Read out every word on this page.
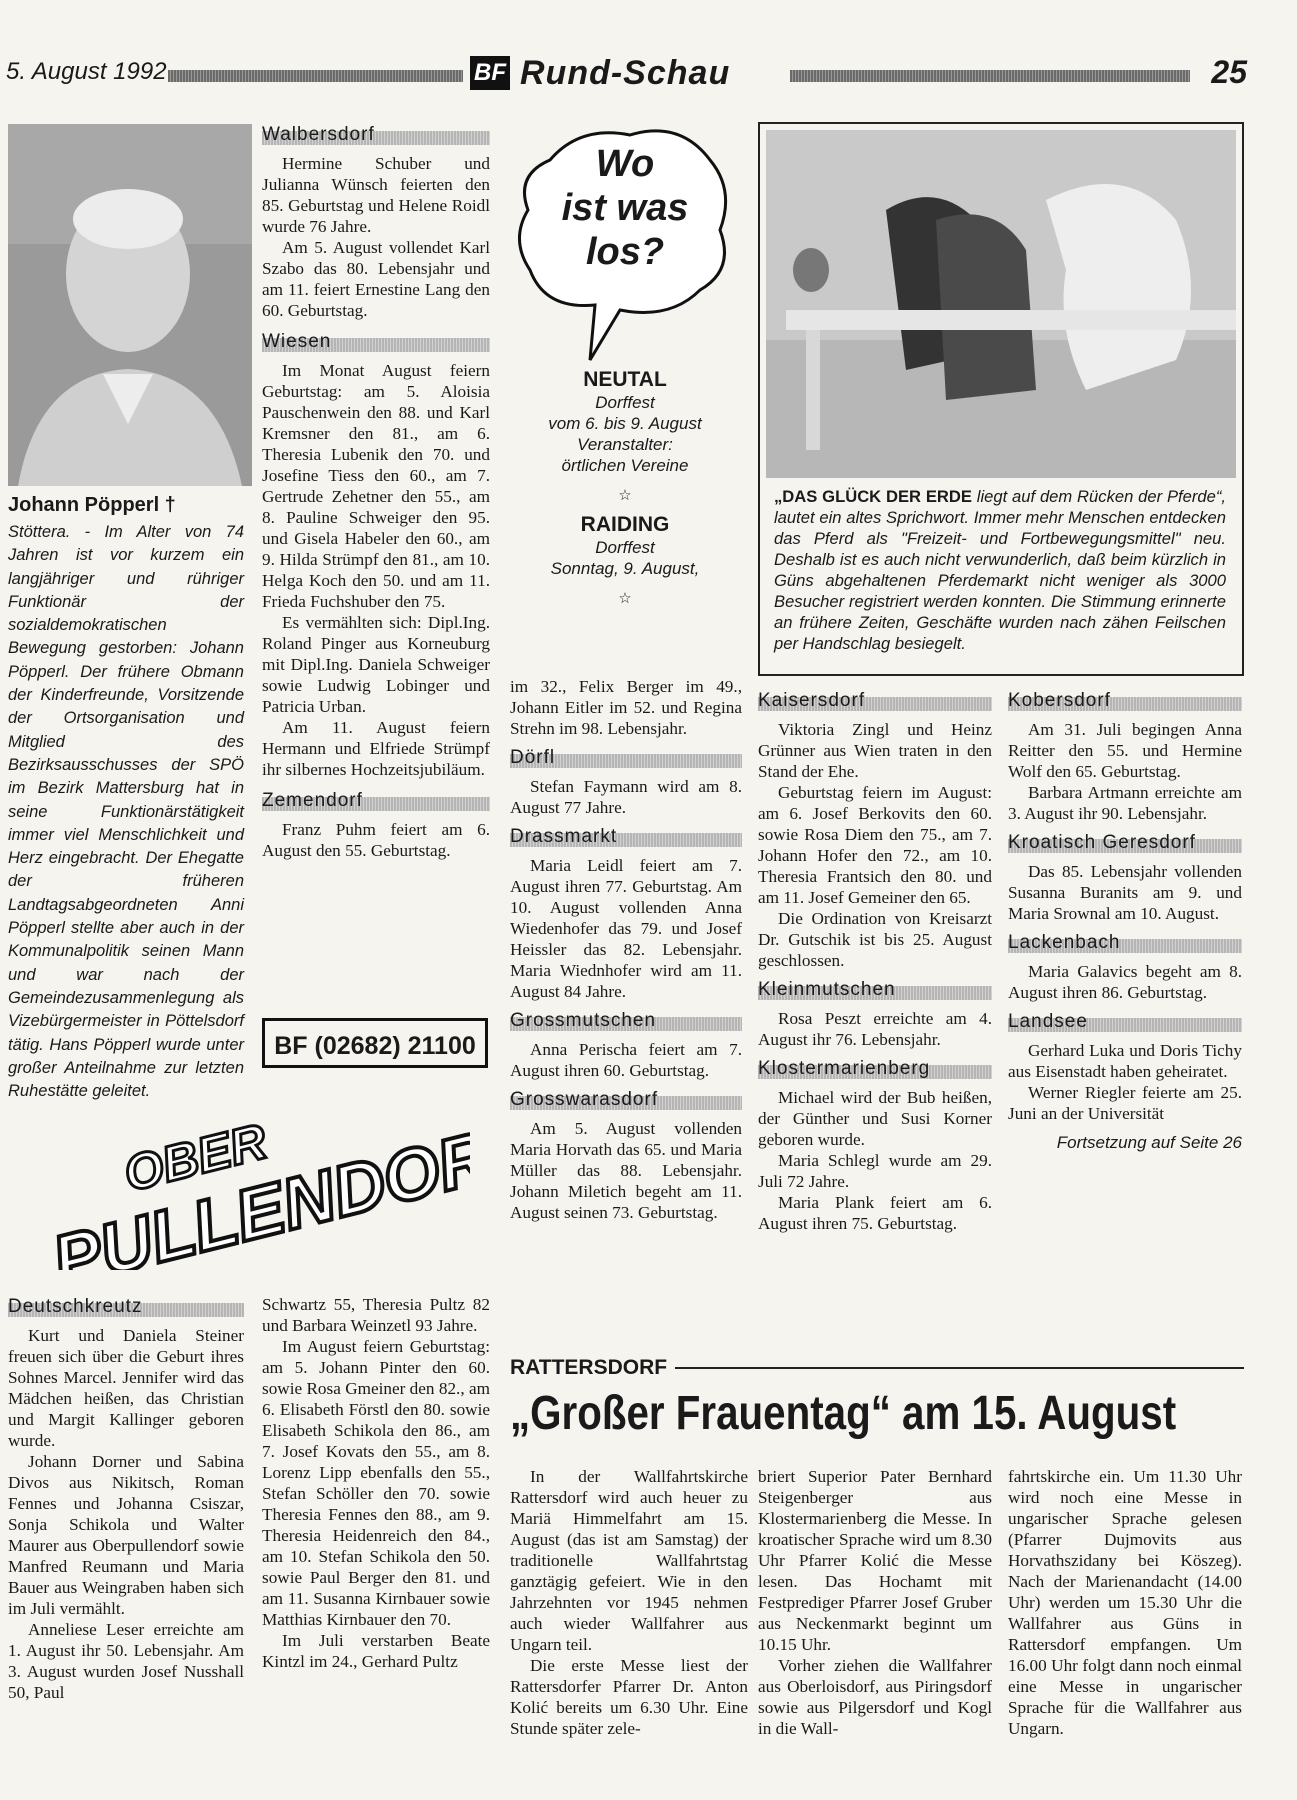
5. August 1992	BF Rund-Schau	25

Johann Pöpperl †

Stöttera. - Im Alter von 74 Jahren ist vor kurzem ein langjähriger und rühriger Funktionär der sozialdemokratischen Bewegung gestorben: Johann Pöpperl. Der frühere Obmann der Kinderfreunde, Vorsitzende der Ortsorganisation und Mitglied des Bezirksausschusses der SPÖ im Bezirk Mattersburg hat in seine Funktionärstätigkeit immer viel Menschlichkeit und Herz eingebracht. Der Ehegatte der früheren Landtagsabgeordneten Anni Pöpperl stellte aber auch in der Kommunalpolitik seinen Mann und war nach der Gemeindezusammenlegung als Vizebürgermeister in Pöttelsdorf tätig. Hans Pöpperl wurde unter großer Anteilnahme zur letzten Ruhestätte geleitet.

Walbersdorf

Hermine Schuber und Julianna Wünsch feierten den 85. Geburtstag und Helene Roidl wurde 76 Jahre.

Am 5. August vollendet Karl Szabo das 80. Lebensjahr und am 11. feiert Ernestine Lang den 60. Geburtstag.

Wiesen

Im Monat August feiern Geburtstag: am 5. Aloisia Pauschenwein den 88. und Karl Kremsner den 81., am 6. Theresia Lubenik den 70. und Josefine Tiess den 60., am 7. Gertrude Zehetner den 55., am 8. Pauline Schweiger den 95. und Gisela Habeler den 60., am 9. Hilda Strümpf den 81., am 10. Helga Koch den 50. und am 11. Frieda Fuchshuber den 75.

Es vermählten sich: Dipl.Ing. Roland Pinger aus Korneuburg mit Dipl.Ing. Daniela Schweiger sowie Ludwig Lobinger und Patricia Urban.

Am 11. August feiern Hermann und Elfriede Strümpf ihr silbernes Hochzeitsjubiläum.

Zemendorf

Franz Puhm feiert am 6. August den 55. Geburtstag.

BF (02682) 21100
Wo
ist was
los?

NEUTAL

Dorffest

vom 6. bis 9. August

Veranstalter:

örtlichen Vereine

☆

RAIDING

Dorffest

Sonntag, 9. August,

☆

im 32., Felix Berger im 49., Johann Eitler im 52. und Regina Strehn im 98. Lebensjahr.

Dörfl

Stefan Faymann wird am 8. August 77 Jahre.

Drassmarkt

Maria Leidl feiert am 7. August ihren 77. Geburtstag. Am 10. August vollenden Anna Wiedenhofer das 79. und Josef Heissler das 82. Lebensjahr. Maria Wiednhofer wird am 11. August 84 Jahre.

Grossmutschen

Anna Perischa feiert am 7. August ihren 60. Geburtstag.

Grosswarasdorf

Am 5. August vollenden Maria Horvath das 65. und Maria Müller das 88. Lebensjahr. Johann Miletich begeht am 11. August seinen 73. Geburtstag.

„DAS GLÜCK DER ERDE liegt auf dem Rücken der Pferde“, lautet ein altes Sprichwort. Immer mehr Menschen entdecken das Pferd als "Freizeit- und Fortbewegungsmittel" neu. Deshalb ist es auch nicht verwunderlich, daß beim kürzlich in Güns abgehaltenen Pferdemarkt nicht weniger als 3000 Besucher registriert werden konnten. Die Stimmung erinnerte an frühere Zeiten, Geschäfte wurden nach zähen Feilschen per Handschlag besiegelt.

Kaisersdorf

Viktoria Zingl und Heinz Grünner aus Wien traten in den Stand der Ehe.

Geburtstag feiern im August: am 6. Josef Berkovits den 60. sowie Rosa Diem den 75., am 7. Johann Hofer den 72., am 10. Theresia Frantsich den 80. und am 11. Josef Gemeiner den 65.

Die Ordination von Kreisarzt Dr. Gutschik ist bis 25. August geschlossen.

Kleinmutschen

Rosa Peszt erreichte am 4. August ihr 76. Lebensjahr.

Klostermarienberg

Michael wird der Bub heißen, der Günther und Susi Korner geboren wurde.

Maria Schlegl wurde am 29. Juli 72 Jahre.

Maria Plank feiert am 6. August ihren 75. Geburtstag.

Kobersdorf

Am 31. Juli begingen Anna Reitter den 55. und Hermine Wolf den 65. Geburtstag.

Barbara Artmann erreichte am 3. August ihr 90. Lebensjahr.

Kroatisch Geresdorf

Das 85. Lebensjahr vollenden Susanna Buranits am 9. und Maria Srownal am 10. August.

Lackenbach

Maria Galavics begeht am 8. August ihren 86. Geburtstag.

Landsee

Gerhard Luka und Doris Tichy aus Eisenstadt haben geheiratet.

Werner Riegler feierte am 25. Juni an der Universität

Fortsetzung auf Seite 26

OBER
PULLENDORF
Deutschkreutz

Kurt und Daniela Steiner freuen sich über die Geburt ihres Sohnes Marcel. Jennifer wird das Mädchen heißen, das Christian und Margit Kallinger geboren wurde.

Johann Dorner und Sabina Divos aus Nikitsch, Roman Fennes und Johanna Csiszar, Sonja Schikola und Walter Maurer aus Oberpullendorf sowie Manfred Reumann und Maria Bauer aus Weingraben haben sich im Juli vermählt.

Anneliese Leser erreichte am 1. August ihr 50. Lebensjahr. Am 3. August wurden Josef Nusshall 50, Paul

Schwartz 55, Theresia Pultz 82 und Barbara Weinzetl 93 Jahre.

Im August feiern Geburtstag: am 5. Johann Pinter den 60. sowie Rosa Gmeiner den 82., am 6. Elisabeth Förstl den 80. sowie Elisabeth Schikola den 86., am 7. Josef Kovats den 55., am 8. Lorenz Lipp ebenfalls den 55., Stefan Schöller den 70. sowie Theresia Fennes den 88., am 9. Theresia Heidenreich den 84., am 10. Stefan Schikola den 50. sowie Paul Berger den 81. und am 11. Susanna Kirnbauer sowie Matthias Kirnbauer den 70.

Im Juli verstarben Beate Kintzl im 24., Gerhard Pultz

RATTERSDORF
„Großer Frauentag“ am 15. August

In der Wallfahrtskirche Rattersdorf wird auch heuer zu Mariä Himmelfahrt am 15. August (das ist am Samstag) der traditionelle Wallfahrtstag ganztägig gefeiert. Wie in den Jahrzehnten vor 1945 nehmen auch wieder Wallfahrer aus Ungarn teil.

Die erste Messe liest der Rattersdorfer Pfarrer Dr. Anton Kolić bereits um 6.30 Uhr. Eine Stunde später zele-

briert Superior Pater Bernhard Steigenberger aus Klostermarienberg die Messe. In kroatischer Sprache wird um 8.30 Uhr Pfarrer Kolić die Messe lesen. Das Hochamt mit Festprediger Pfarrer Josef Gruber aus Neckenmarkt beginnt um 10.15 Uhr.

Vorher ziehen die Wallfahrer aus Oberloisdorf, aus Piringsdorf sowie aus Pilgersdorf und Kogl in die Wall-

fahrtskirche ein. Um 11.30 Uhr wird noch eine Messe in ungarischer Sprache gelesen (Pfarrer Dujmovits aus Horvathszidany bei Köszeg). Nach der Marienandacht (14.00 Uhr) werden um 15.30 Uhr die Wallfahrer aus Güns in Rattersdorf empfangen. Um 16.00 Uhr folgt dann noch einmal eine Messe in ungarischer Sprache für die Wallfahrer aus Ungarn.
